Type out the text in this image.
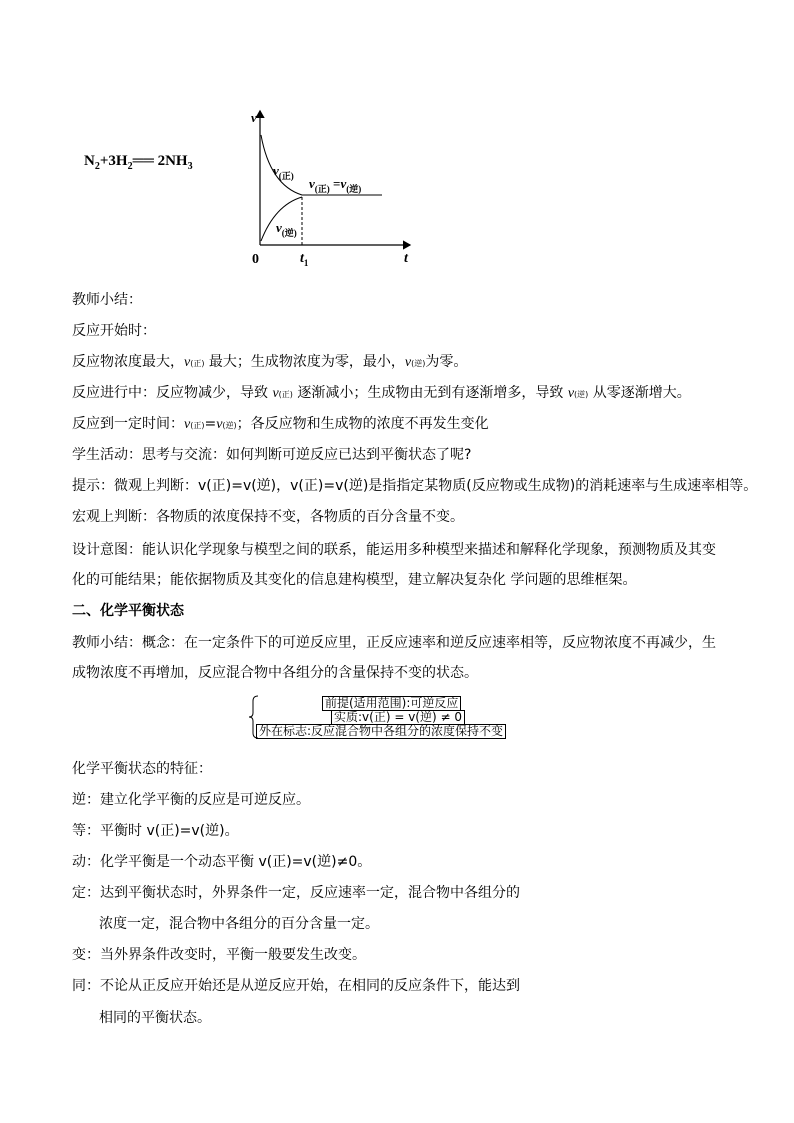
$N_2+3H_2══$ $2NH_3$
v
t
0	$t_1$
$v_{(正)}$
$v_{(逆)}$
$v_{(正)} =v_{(逆)}$
教师小结：
反应开始时：
反应物浓度最大，v(正) 最大；生成物浓度为零，最小，v(逆)为零。
反应进行中：反应物减少，导致 v(正) 逐渐减小；生成物由无到有逐渐增多，导致 v(逆) 从零逐渐增大。
反应到一定时间：v(正)=v(逆)；各反应物和生成物的浓度不再发生变化
学生活动：思考与交流：如何判断可逆反应已达到平衡状态了呢?
提示：微观上判断：v(正)=v(逆)，v(正)=v(逆)是指指定某物质(反应物或生成物)的消耗速率与生成速率相等。
宏观上判断：各物质的浓度保持不变，各物质的百分含量不变。
设计意图：能认识化学现象与模型之间的联系，能运用多种模型来描述和解释化学现象，预测物质及其变
化的可能结果；能依据物质及其变化的信息建构模型，建立解决复杂化 学问题的思维框架。
二、化学平衡状态
教师小结：概念：在一定条件下的可逆反应里，正反应速率和逆反应速率相等，反应物浓度不再减少，生
成物浓度不再增加，反应混合物中各组分的含量保持不变的状态。
前提(适用范围):可逆反应
实质:v(正) = v(逆) ≠ 0
外在标志:反应混合物中各组分的浓度保持不变
化学平衡状态的特征：
逆：建立化学平衡的反应是可逆反应。
等：平衡时 v(正)=v(逆)。
动：化学平衡是一个动态平衡 v(正)=v(逆)≠0。
定：达到平衡状态时，外界条件一定，反应速率一定，混合物中各组分的
浓度一定，混合物中各组分的百分含量一定。
变：当外界条件改变时，平衡一般要发生改变。
同：不论从正反应开始还是从逆反应开始，在相同的反应条件下，能达到
相同的平衡状态。
